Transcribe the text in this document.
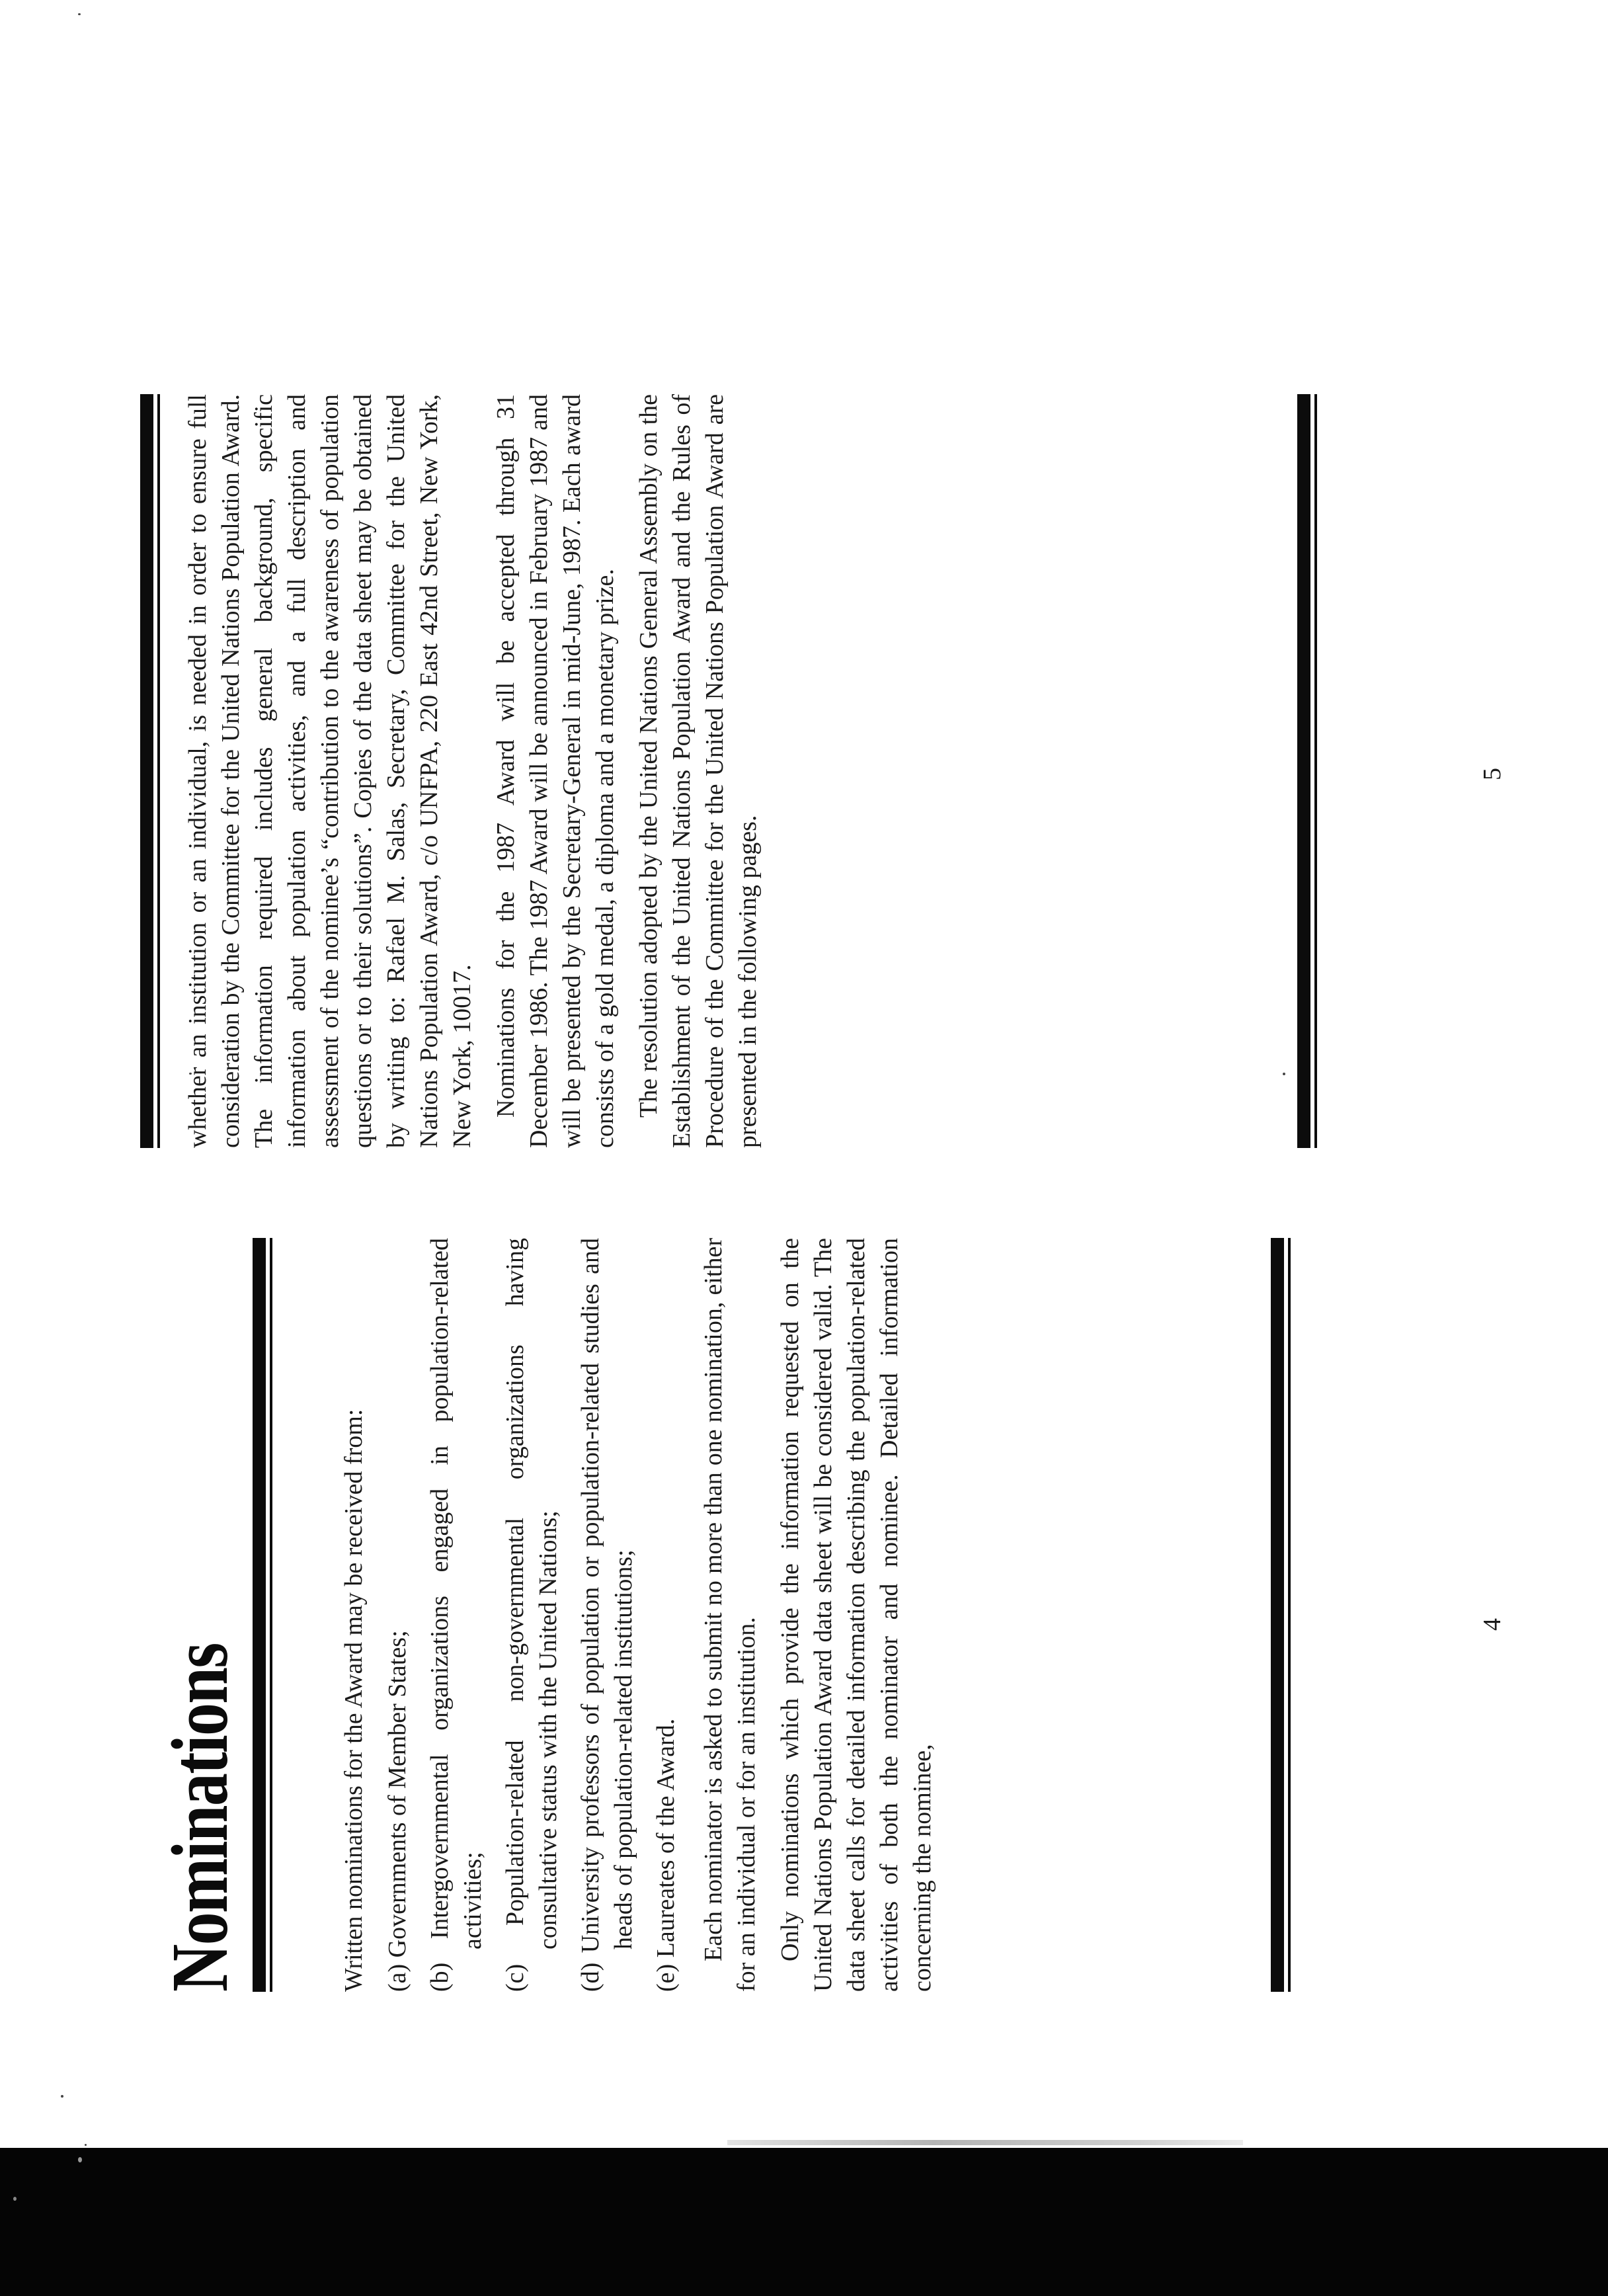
Nominations	Written nominations for the Award may be received from: (a) Governments of Member States; (b) Intergovernmental organizations engaged in population-related activities; (c) Population-related non-governmental organizations having consultative status with the United Nations; (d) University professors of population or population-related studies and heads of population-related institutions; (e) Laureates of the Award. Each nominator is asked to submit no more than one nomination, either for an individual or for an institution. Only nominations which provide the information requested on the United Nations Population Award data sheet will be considered valid. The data sheet calls for detailed information describing the population-related activities of both the nominator and nominee. Detailed information concerning the nominee,

4

whether an institution or an individual, is needed in order to ensure full consideration by the Committee for the United Nations Population Award. The information required includes general background, specific information about population activities, and a full description and assessment of the nominee’s “contribution to the awareness of population questions or to their solutions”. Copies of the data sheet may be obtained by writing to: Rafael M. Salas, Secretary, Committee for the United Nations Population Award, c/o UNFPA, 220 East 42nd Street, New York, New York, 10017. Nominations for the 1987 Award will be accepted through 31 December 1986. The 1987 Award will be announced in February 1987 and will be presented by the Secretary-General in mid-June, 1987. Each award consists of a gold medal, a diploma and a monetary prize. The resolution adopted by the United Nations General Assembly on the Establishment of the United Nations Population Award and the Rules of Procedure of the Committee for the United Nations Population Award are presented in the following pages.

5
